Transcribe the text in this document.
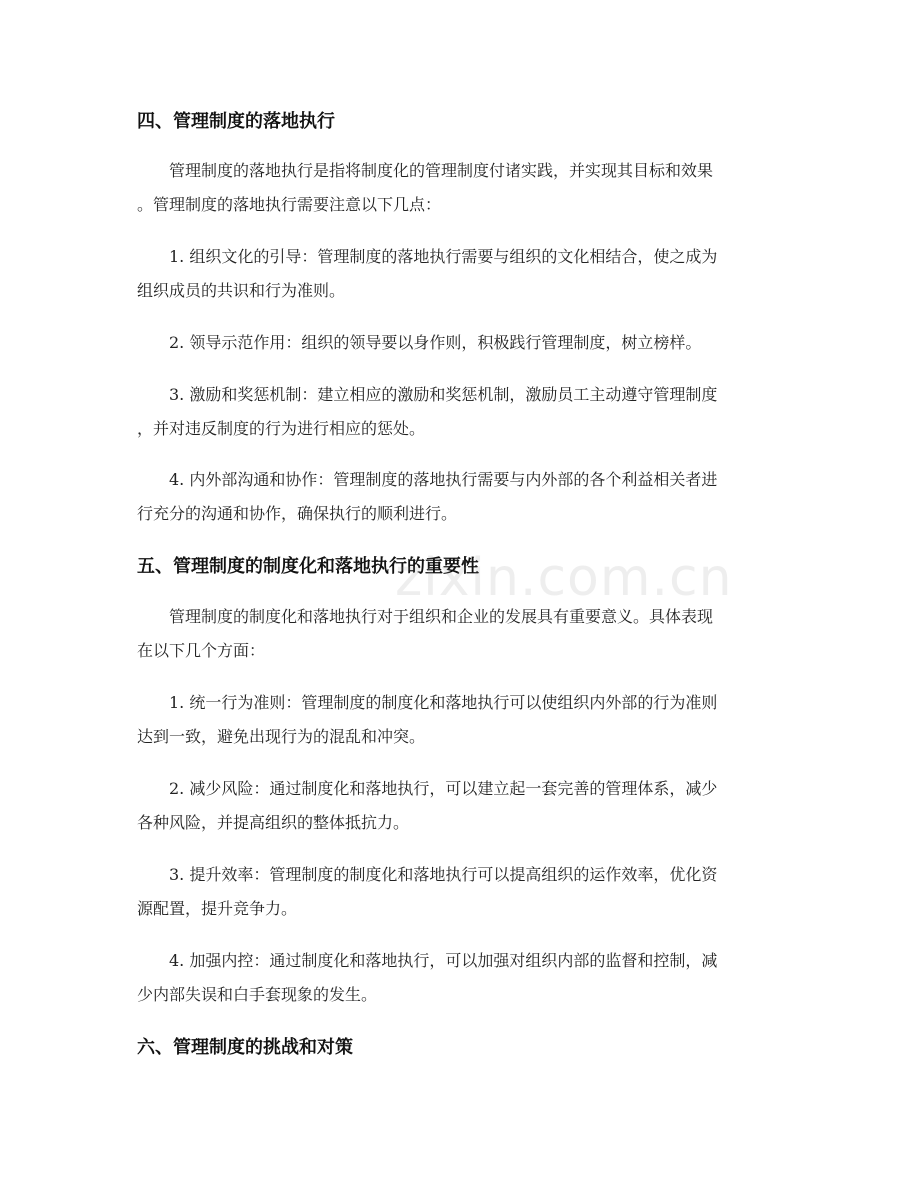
四、管理制度的落地执行
管理制度的落地执行是指将制度化的管理制度付诸实践，并实现其目标和效果
。管理制度的落地执行需要注意以下几点：
1. 组织文化的引导：管理制度的落地执行需要与组织的文化相结合，使之成为
组织成员的共识和行为准则。
2. 领导示范作用：组织的领导要以身作则，积极践行管理制度，树立榜样。
3. 激励和奖惩机制：建立相应的激励和奖惩机制，激励员工主动遵守管理制度
，并对违反制度的行为进行相应的惩处。
4. 内外部沟通和协作：管理制度的落地执行需要与内外部的各个利益相关者进
行充分的沟通和协作，确保执行的顺利进行。
五、管理制度的制度化和落地执行的重要性
管理制度的制度化和落地执行对于组织和企业的发展具有重要意义。具体表现
在以下几个方面：
1. 统一行为准则：管理制度的制度化和落地执行可以使组织内外部的行为准则
达到一致，避免出现行为的混乱和冲突。
2. 减少风险：通过制度化和落地执行，可以建立起一套完善的管理体系，减少
各种风险，并提高组织的整体抵抗力。
3. 提升效率：管理制度的制度化和落地执行可以提高组织的运作效率，优化资
源配置，提升竞争力。
4. 加强内控：通过制度化和落地执行，可以加强对组织内部的监督和控制，减
少内部失误和白手套现象的发生。
六、管理制度的挑战和对策
zixin.com.cn
